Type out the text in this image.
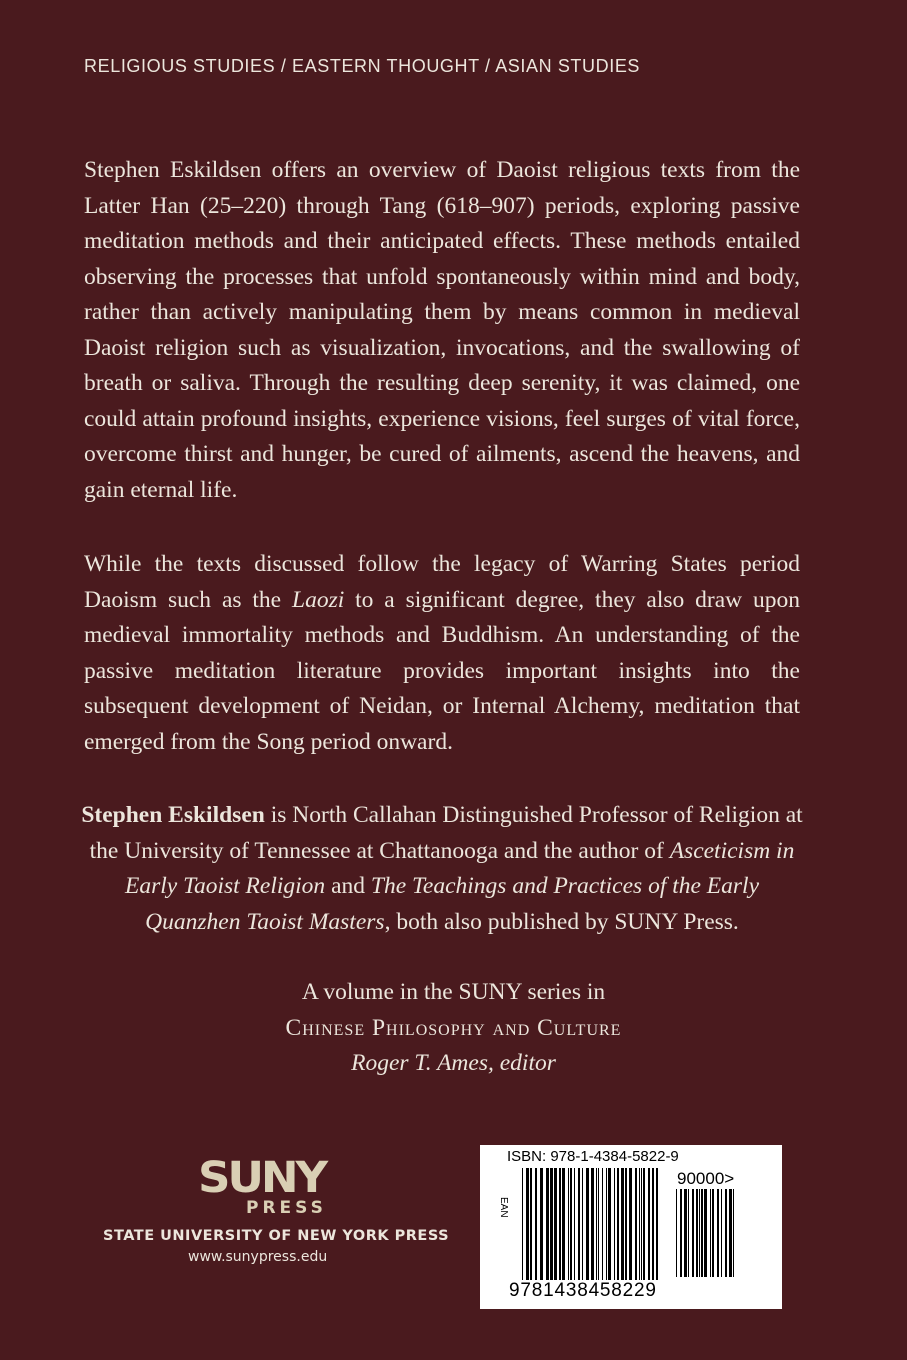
RELIGIOUS STUDIES / EASTERN THOUGHT / ASIAN STUDIES

Stephen Eskildsen offers an overview of Daoist religious texts from the Latter Han (25–220) through Tang (618–907) periods, exploring passive meditation methods and their anticipated effects. These methods entailed observing the processes that unfold spontaneously within mind and body, rather than actively manipulating them by means common in medieval Daoist religion such as visualization, invocations, and the swallowing of breath or saliva. Through the resulting deep serenity, it was claimed, one could attain profound insights, experience visions, feel surges of vital force, overcome thirst and hunger, be cured of ailments, ascend the heavens, and gain eternal life.

While the texts discussed follow the legacy of Warring States period Daoism such as the Laozi to a significant degree, they also draw upon medieval immortality methods and Buddhism. An understanding of the passive meditation literature provides important insights into the subsequent development of Neidan, or Internal Alchemy, meditation that emerged from the Song period onward.

Stephen Eskildsen is North Callahan Distinguished Professor of Religion at the University of Tennessee at Chattanooga and the author of Asceticism in Early Taoist Religion and The Teachings and Practices of the Early Quanzhen Taoist Masters, both also published by SUNY Press.

A volume in the SUNY series in
Chinese Philosophy and Culture
Roger T. Ames, editor
SUNY
PRESS
STATE UNIVERSITY OF NEW YORK PRESS
www.sunypress.edu
ISBN: 978-1-4384-5822-9
EAN
90000>
9781438458229
